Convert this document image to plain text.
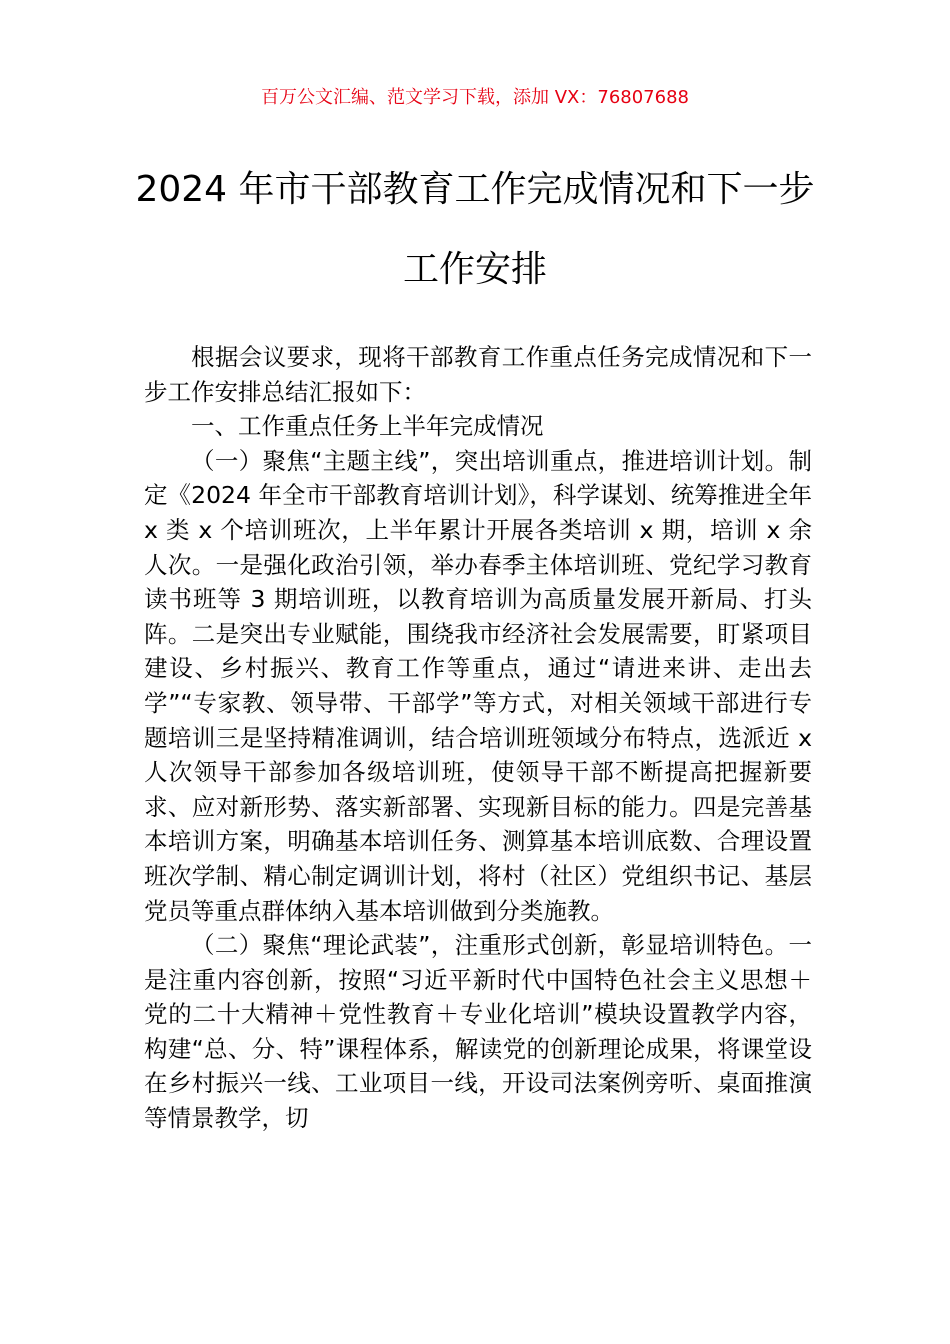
百万公文汇编、范文学习下载，添加 VX：76807688
2024 年市干部教育工作完成情况和下一步工作安排

根据会议要求，现将干部教育工作重点任务完成情况和下一步工作安排总结汇报如下：

一、工作重点任务上半年完成情况

（一）聚焦“主题主线”，突出培训重点，推进培训计划。制定《2024 年全市干部教育培训计划》，科学谋划、统筹推进全年 x 类 x 个培训班次，上半年累计开展各类培训 x 期，培训 x 余人次。一是强化政治引领，举办春季主体培训班、党纪学习教育读书班等 3 期培训班，以教育培训为高质量发展开新局、打头阵。二是突出专业赋能，围绕我市经济社会发展需要，盯紧项目建设、乡村振兴、教育工作等重点，通过“请进来讲、走出去学”“专家教、领导带、干部学”等方式，对相关领域干部进行专题培训三是坚持精准调训，结合培训班领域分布特点，选派近 x 人次领导干部参加各级培训班，使领导干部不断提高把握新要求、应对新形势、落实新部署、实现新目标的能力。四是完善基本培训方案，明确基本培训任务、测算基本培训底数、合理设置班次学制、精心制定调训计划，将村（社区）党组织书记、基层党员等重点群体纳入基本培训做到分类施教。

（二）聚焦“理论武装”，注重形式创新，彰显培训特色。一是注重内容创新，按照“习近平新时代中国特色社会主义思想＋党的二十大精神＋党性教育＋专业化培训”模块设置教学内容，构建“总、分、特”课程体系，解读党的创新理论成果，将课堂设在乡村振兴一线、工业项目一线，开设司法案例旁听、桌面推演等情景教学，切
